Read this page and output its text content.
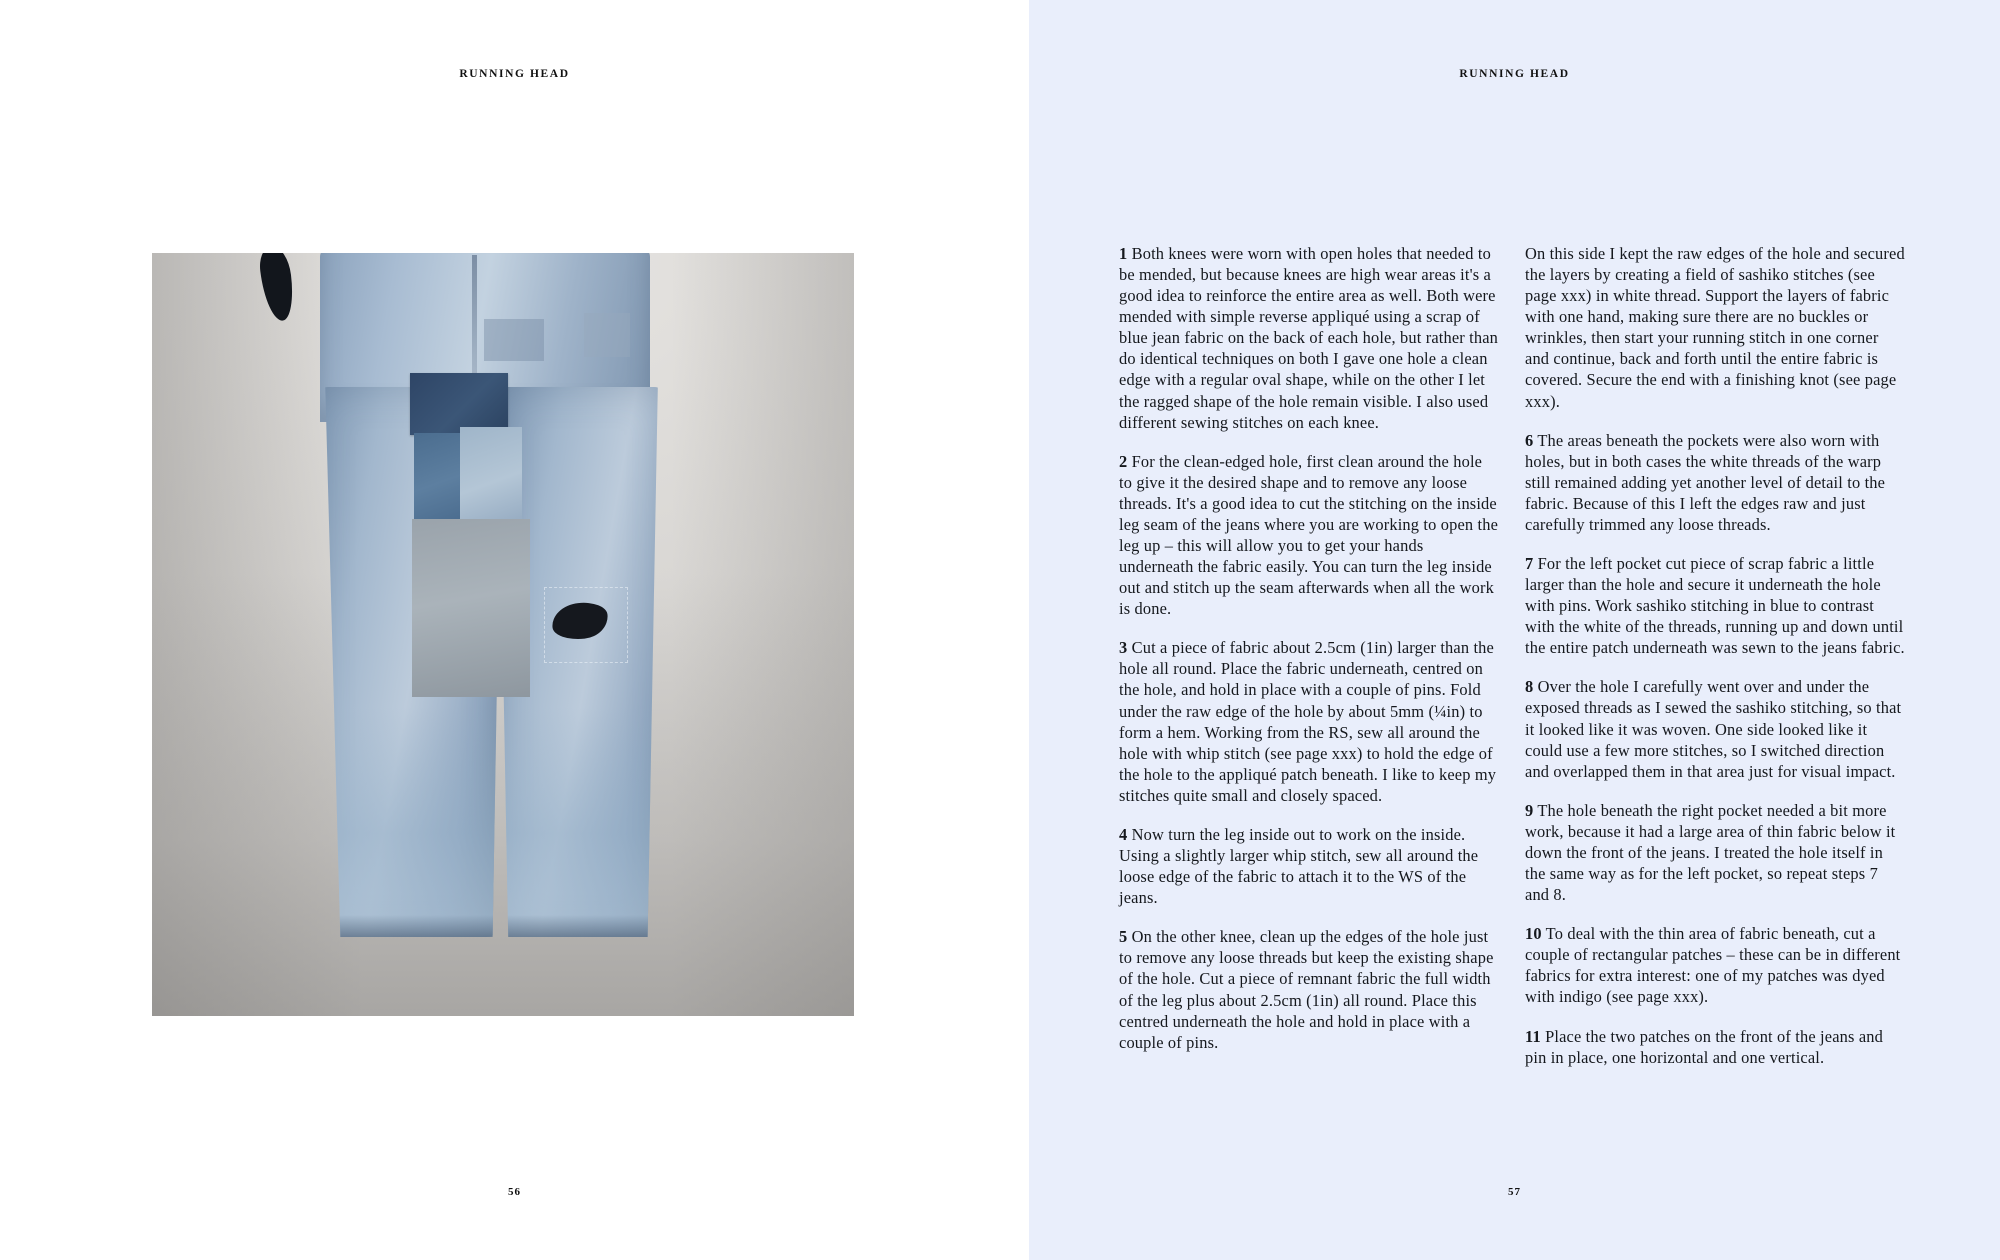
RUNNING HEAD
56
RUNNING HEAD

1 Both knees were worn with open holes that needed to be mended, but because knees are high wear areas it's a good idea to reinforce the entire area as well. Both were mended with simple reverse appliqué using a scrap of blue jean fabric on the back of each hole, but rather than do identical techniques on both I gave one hole a clean edge with a regular oval shape, while on the other I let the ragged shape of the hole remain visible. I also used different sewing stitches on each knee.

2 For the clean-edged hole, first clean around the hole to give it the desired shape and to remove any loose threads. It's a good idea to cut the stitching on the inside leg seam of the jeans where you are working to open the leg up – this will allow you to get your hands underneath the fabric easily. You can turn the leg inside out and stitch up the seam afterwards when all the work is done.

3 Cut a piece of fabric about 2.5cm (1in) larger than the hole all round. Place the fabric underneath, centred on the hole, and hold in place with a couple of pins. Fold under the raw edge of the hole by about 5mm (¼in) to form a hem. Working from the RS, sew all around the hole with whip stitch (see page xxx) to hold the edge of the hole to the appliqué patch beneath. I like to keep my stitches quite small and closely spaced.

4 Now turn the leg inside out to work on the inside. Using a slightly larger whip stitch, sew all around the loose edge of the fabric to attach it to the WS of the jeans.

5 On the other knee, clean up the edges of the hole just to remove any loose threads but keep the existing shape of the hole. Cut a piece of remnant fabric the full width of the leg plus about 2.5cm (1in) all round. Place this centred underneath the hole and hold in place with a couple of pins.

On this side I kept the raw edges of the hole and secured the layers by creating a field of sashiko stitches (see page xxx) in white thread. Support the layers of fabric with one hand, making sure there are no buckles or wrinkles, then start your running stitch in one corner and continue, back and forth until the entire fabric is covered. Secure the end with a finishing knot (see page xxx).

6 The areas beneath the pockets were also worn with holes, but in both cases the white threads of the warp still remained adding yet another level of detail to the fabric. Because of this I left the edges raw and just carefully trimmed any loose threads.

7 For the left pocket cut piece of scrap fabric a little larger than the hole and secure it underneath the hole with pins. Work sashiko stitching in blue to contrast with the white of the threads, running up and down until the entire patch underneath was sewn to the jeans fabric.

8 Over the hole I carefully went over and under the exposed threads as I sewed the sashiko stitching, so that it looked like it was woven. One side looked like it could use a few more stitches, so I switched direction and overlapped them in that area just for visual impact.

9 The hole beneath the right pocket needed a bit more work, because it had a large area of thin fabric below it down the front of the jeans. I treated the hole itself in the same way as for the left pocket, so repeat steps 7 and 8.

10 To deal with the thin area of fabric beneath, cut a couple of rectangular patches – these can be in different fabrics for extra interest: one of my patches was dyed with indigo (see page xxx).

11 Place the two patches on the front of the jeans and pin in place, one horizontal and one vertical.

57
